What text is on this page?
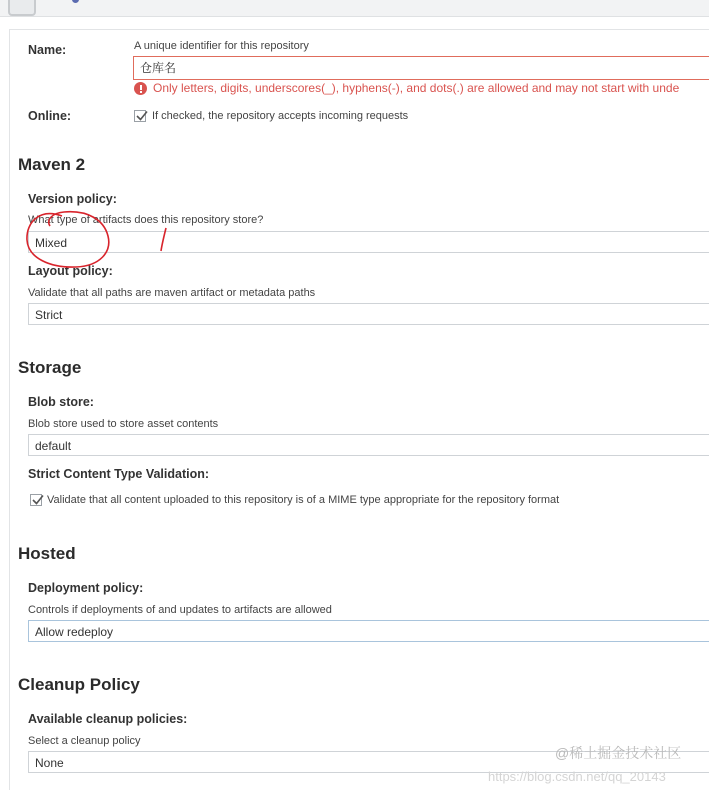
Name:	A unique identifier for this repository
仓库名
Only letters, digits, underscores(_), hyphens(-), and dots(.) are allowed and may not start with unde
Online:	If checked, the repository accepts incoming requests
Maven 2
Version policy:
What type of artifacts does this repository store?
Mixed
Layout policy:
Validate that all paths are maven artifact or metadata paths
Strict
Storage
Blob store:
Blob store used to store asset contents
default
Strict Content Type Validation:
Validate that all content uploaded to this repository is of a MIME type appropriate for the repository format
Hosted
Deployment policy:
Controls if deployments of and updates to artifacts are allowed
Allow redeploy
Cleanup Policy
Available cleanup policies:
Select a cleanup policy
None
@稀土掘金技术社区
https://blog.csdn.net/qq_20143
